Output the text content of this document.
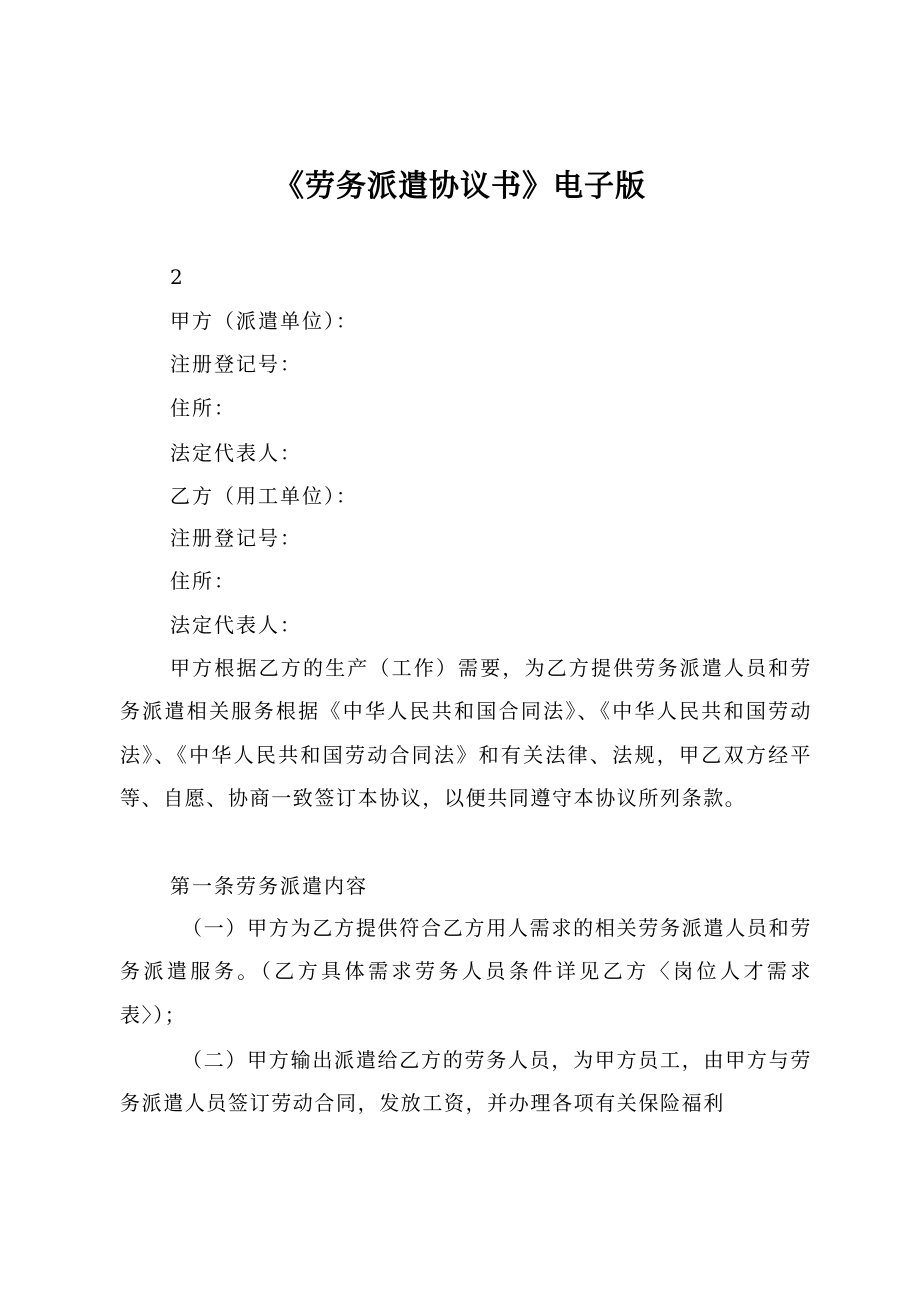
《劳务派遣协议书》电子版
2
甲方（派遣单位）：
注册登记号：
住所：
法定代表人：
乙方（用工单位）：
注册登记号：
住所：
法定代表人：
甲方根据乙方的生产（工作）需要，为乙方提供劳务派遣人员和劳务派遣相关服务根据《中华人民共和国合同法》、《中华人民共和国劳动法》、《中华人民共和国劳动合同法》和有关法律、法规，甲乙双方经平等、自愿、协商一致签订本协议，以便共同遵守本协议所列条款。
第一条劳务派遣内容
（一）甲方为乙方提供符合乙方用人需求的相关劳务派遣人员和劳务派遣服务。（乙方具体需求劳务人员条件详见乙方〈岗位人才需求表〉）；
（二）甲方输出派遣给乙方的劳务人员，为甲方员工，由甲方与劳务派遣人员签订劳动合同，发放工资，并办理各项有关保险福利
